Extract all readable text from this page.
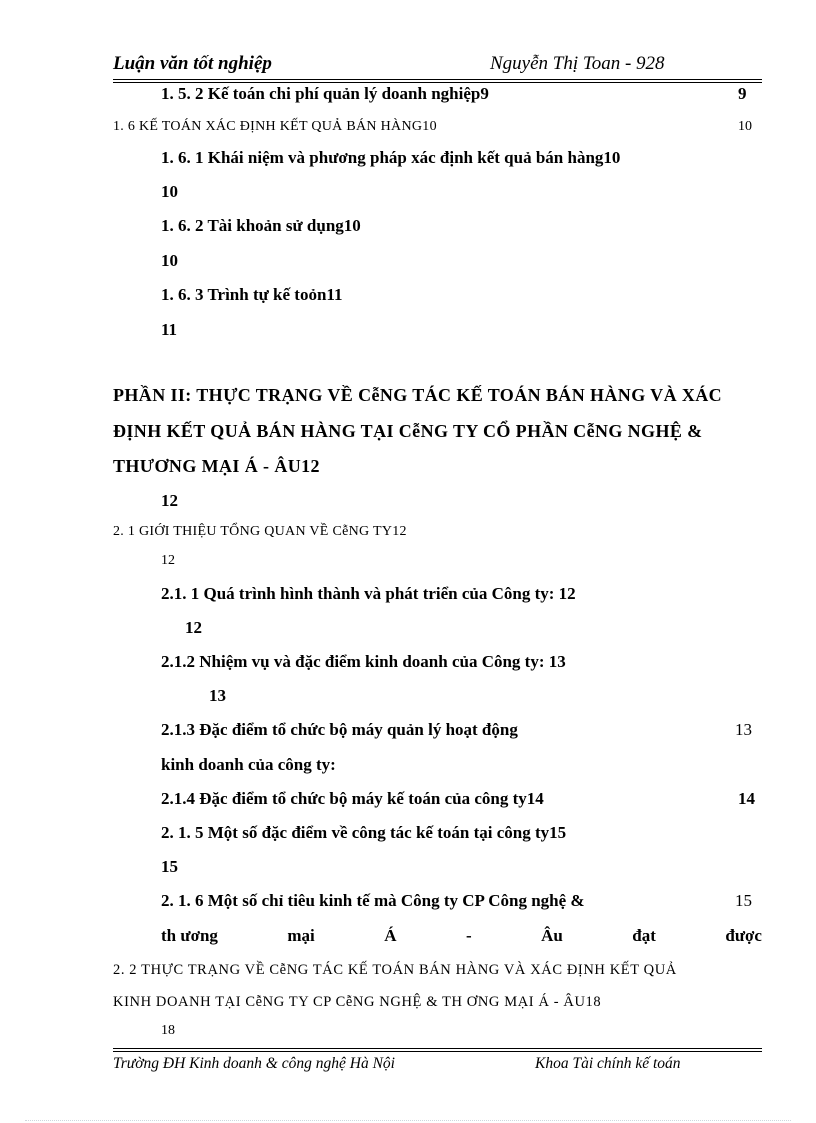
Luận văn tốt nghiệp	Nguyễn Thị Toan - 928
1. 5. 2 Kế toán chi phí quản lý doanh nghiệp9	9
1. 6 KẾ TOÁN XÁC ĐỊNH KẾT QUẢ BÁN HÀNG10	10
1. 6. 1 Khái niệm và phương pháp xác định kết quả bán hàng10
10
1. 6. 2 Tài khoản sử dụng10
10
1. 6. 3 Trình tự kế toỏn11
11
PHẦN II: THỰC TRẠNG VỀ CễNG TÁC KẾ TOÁN BÁN HÀNG VÀ XÁC
ĐỊNH KẾT QUẢ BÁN HÀNG TẠI CễNG TY CỔ PHẦN CễNG NGHỆ &
THƯƠNG MẠI Á - ÂU12
12
2. 1 GIỚI THIỆU TỔNG QUAN VỀ CễNG TY12
12
2.1. 1 Quá trình hình thành và phát triển của Công ty: 12
12
2.1.2 Nhiệm vụ và đặc điểm kinh doanh của Công ty: 13
13
2.1.3 Đặc điểm tổ chức bộ máy quản lý hoạt động	13
kinh doanh của công ty:
2.1.4 Đặc điểm tổ chức bộ máy kế toán của công ty14	14
2. 1. 5 Một số đặc điểm về công tác kế toán tại công ty15
15
2. 1. 6 Một số chỉ tiêu kinh tế mà Công ty CP Công nghệ &	15
th ương	mại	Á	-	Âu	đạt	được
2. 2 THỰC TRẠNG VỀ CễNG TÁC KẾ TOÁN BÁN HÀNG VÀ XÁC ĐỊNH KẾT QUẢ
KINH DOANH TẠI CễNG TY CP CễNG NGHỆ & TH ƠNG MẠI Á - ÂU18
18
Trường ĐH Kinh doanh & công nghệ Hà Nội	Khoa Tài chính kế toán
